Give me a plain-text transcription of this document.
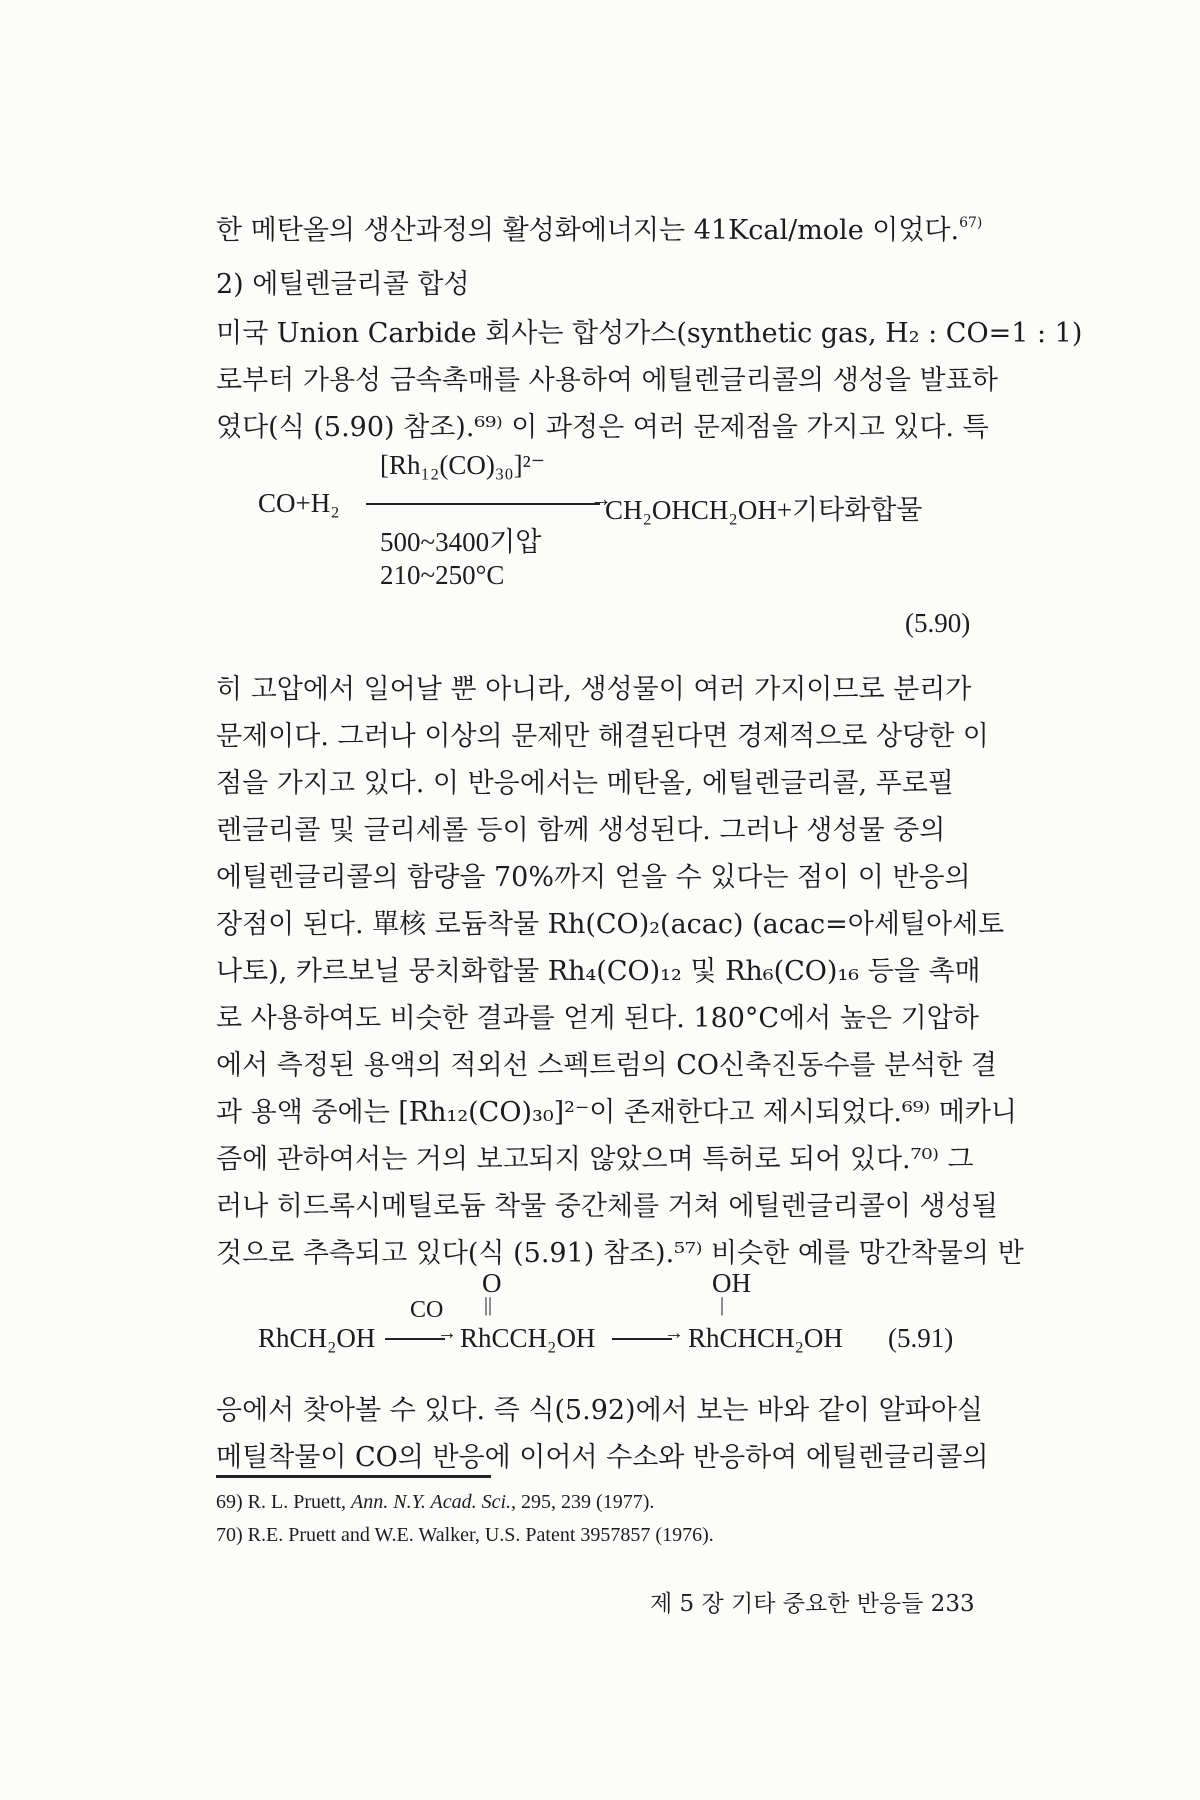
한 메탄올의 생산과정의 활성화에너지는 41Kcal/mole 이었다.$^{67)}$
2) 에틸렌글리콜 합성
미국 Union Carbide 회사는 합성가스(synthetic gas, H₂ : CO=1 : 1)
로부터 가용성 금속촉매를 사용하여 에틸렌글리콜의 생성을 발표하
였다(식 (5.90) 참조).⁶⁹⁾ 이 과정은 여러 문제점을 가지고 있다. 특
CO+H₂
[Rh₁₂(CO)₃₀]²⁻
→
CH₂OHCH₂OH+기타화합물
500~3400기압
210~250°C
(5.90)
히 고압에서 일어날 뿐 아니라, 생성물이 여러 가지이므로 분리가
문제이다. 그러나 이상의 문제만 해결된다면 경제적으로 상당한 이
점을 가지고 있다. 이 반응에서는 메탄올, 에틸렌글리콜, 푸로필
렌글리콜 및 글리세롤 등이 함께 생성된다. 그러나 생성물 중의
에틸렌글리콜의 함량을 70%까지 얻을 수 있다는 점이 이 반응의
장점이 된다. 單核 로듐착물 Rh(CO)₂(acac) (acac=아세틸아세토
나토), 카르보닐 뭉치화합물 Rh₄(CO)₁₂ 및 Rh₆(CO)₁₆ 등을 촉매
로 사용하여도 비슷한 결과를 얻게 된다. 180°C에서 높은 기압하
에서 측정된 용액의 적외선 스펙트럼의 CO신축진동수를 분석한 결
과 용액 중에는 [Rh₁₂(CO)₃₀]²⁻이 존재한다고 제시되었다.⁶⁹⁾ 메카니
즘에 관하여서는 거의 보고되지 않았으며 특허로 되어 있다.⁷⁰⁾ 그
러나 히드록시메틸로듐 착물 중간체를 거쳐 에틸렌글리콜이 생성될
것으로 추측되고 있다(식 (5.91) 참조).⁵⁷⁾ 비슷한 예를 망간착물의 반
O	OH
CO ||	|
RhCH₂OH	→ RhCCH₂OH	→ RhCHCH₂OH (5.91)
응에서 찾아볼 수 있다. 즉 식(5.92)에서 보는 바와 같이 알파아실
메틸착물이 CO의 반응에 이어서 수소와 반응하여 에틸렌글리콜의
69) R. L. Pruett, Ann. N.Y. Acad. Sci., 295, 239 (1977).
70) R.E. Pruett and W.E. Walker, U.S. Patent 3957857 (1976).
제 5 장 기타 중요한 반응들 233
